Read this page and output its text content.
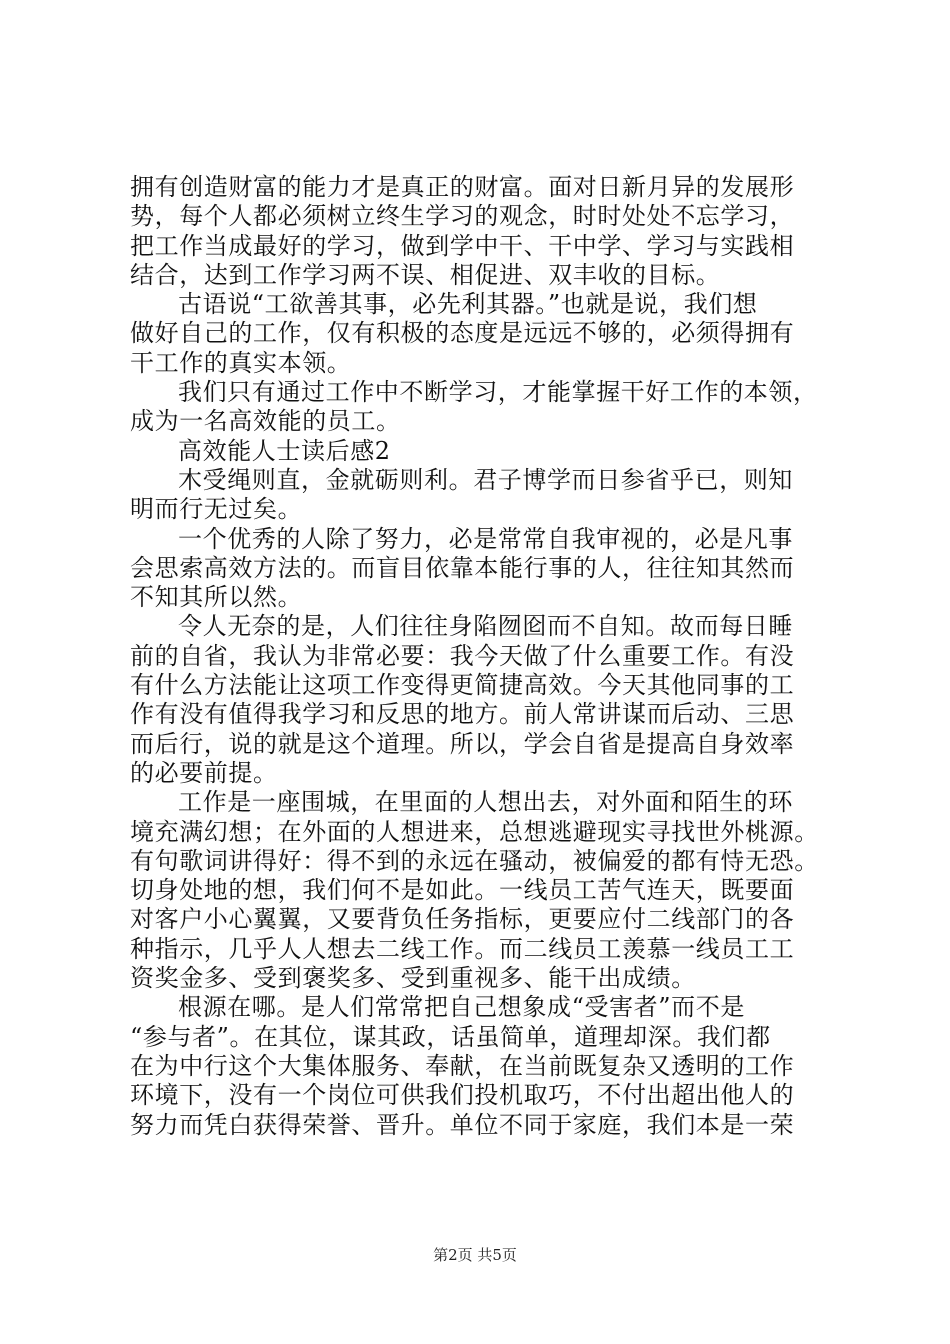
拥有创造财富的能力才是真正的财富。面对日新月异的发展形
势，每个人都必须树立终生学习的观念，时时处处不忘学习，
把工作当成最好的学习，做到学中干、干中学、学习与实践相
结合，达到工作学习两不误、相促进、双丰收的目标。
古语说“工欲善其事，必先利其器。”也就是说，我们想
做好自己的工作，仅有积极的态度是远远不够的，必须得拥有
干工作的真实本领。
我们只有通过工作中不断学习，才能掌握干好工作的本领，
成为一名高效能的员工。
高效能人士读后感2
木受绳则直，金就砺则利。君子博学而日参省乎已，则知
明而行无过矣。
一个优秀的人除了努力，必是常常自我审视的，必是凡事
会思索高效方法的。而盲目依靠本能行事的人，往往知其然而
不知其所以然。
令人无奈的是，人们往往身陷囫囵而不自知。故而每日睡
前的自省，我认为非常必要：我今天做了什么重要工作。有没
有什么方法能让这项工作变得更简捷高效。今天其他同事的工
作有没有值得我学习和反思的地方。前人常讲谋而后动、三思
而后行，说的就是这个道理。所以，学会自省是提高自身效率
的必要前提。
工作是一座围城，在里面的人想出去，对外面和陌生的环
境充满幻想；在外面的人想进来，总想逃避现实寻找世外桃源。
有句歌词讲得好：得不到的永远在骚动，被偏爱的都有恃无恐。
切身处地的想，我们何不是如此。一线员工苦气连天，既要面
对客户小心翼翼，又要背负任务指标，更要应付二线部门的各
种指示，几乎人人想去二线工作。而二线员工羡慕一线员工工
资奖金多、受到褒奖多、受到重视多、能干出成绩。
根源在哪。是人们常常把自己想象成“受害者”而不是
“参与者”。在其位，谋其政，话虽简单，道理却深。我们都
在为中行这个大集体服务、奉献，在当前既复杂又透明的工作
环境下，没有一个岗位可供我们投机取巧，不付出超出他人的
努力而凭白获得荣誉、晋升。单位不同于家庭，我们本是一荣
第2页 共5页
